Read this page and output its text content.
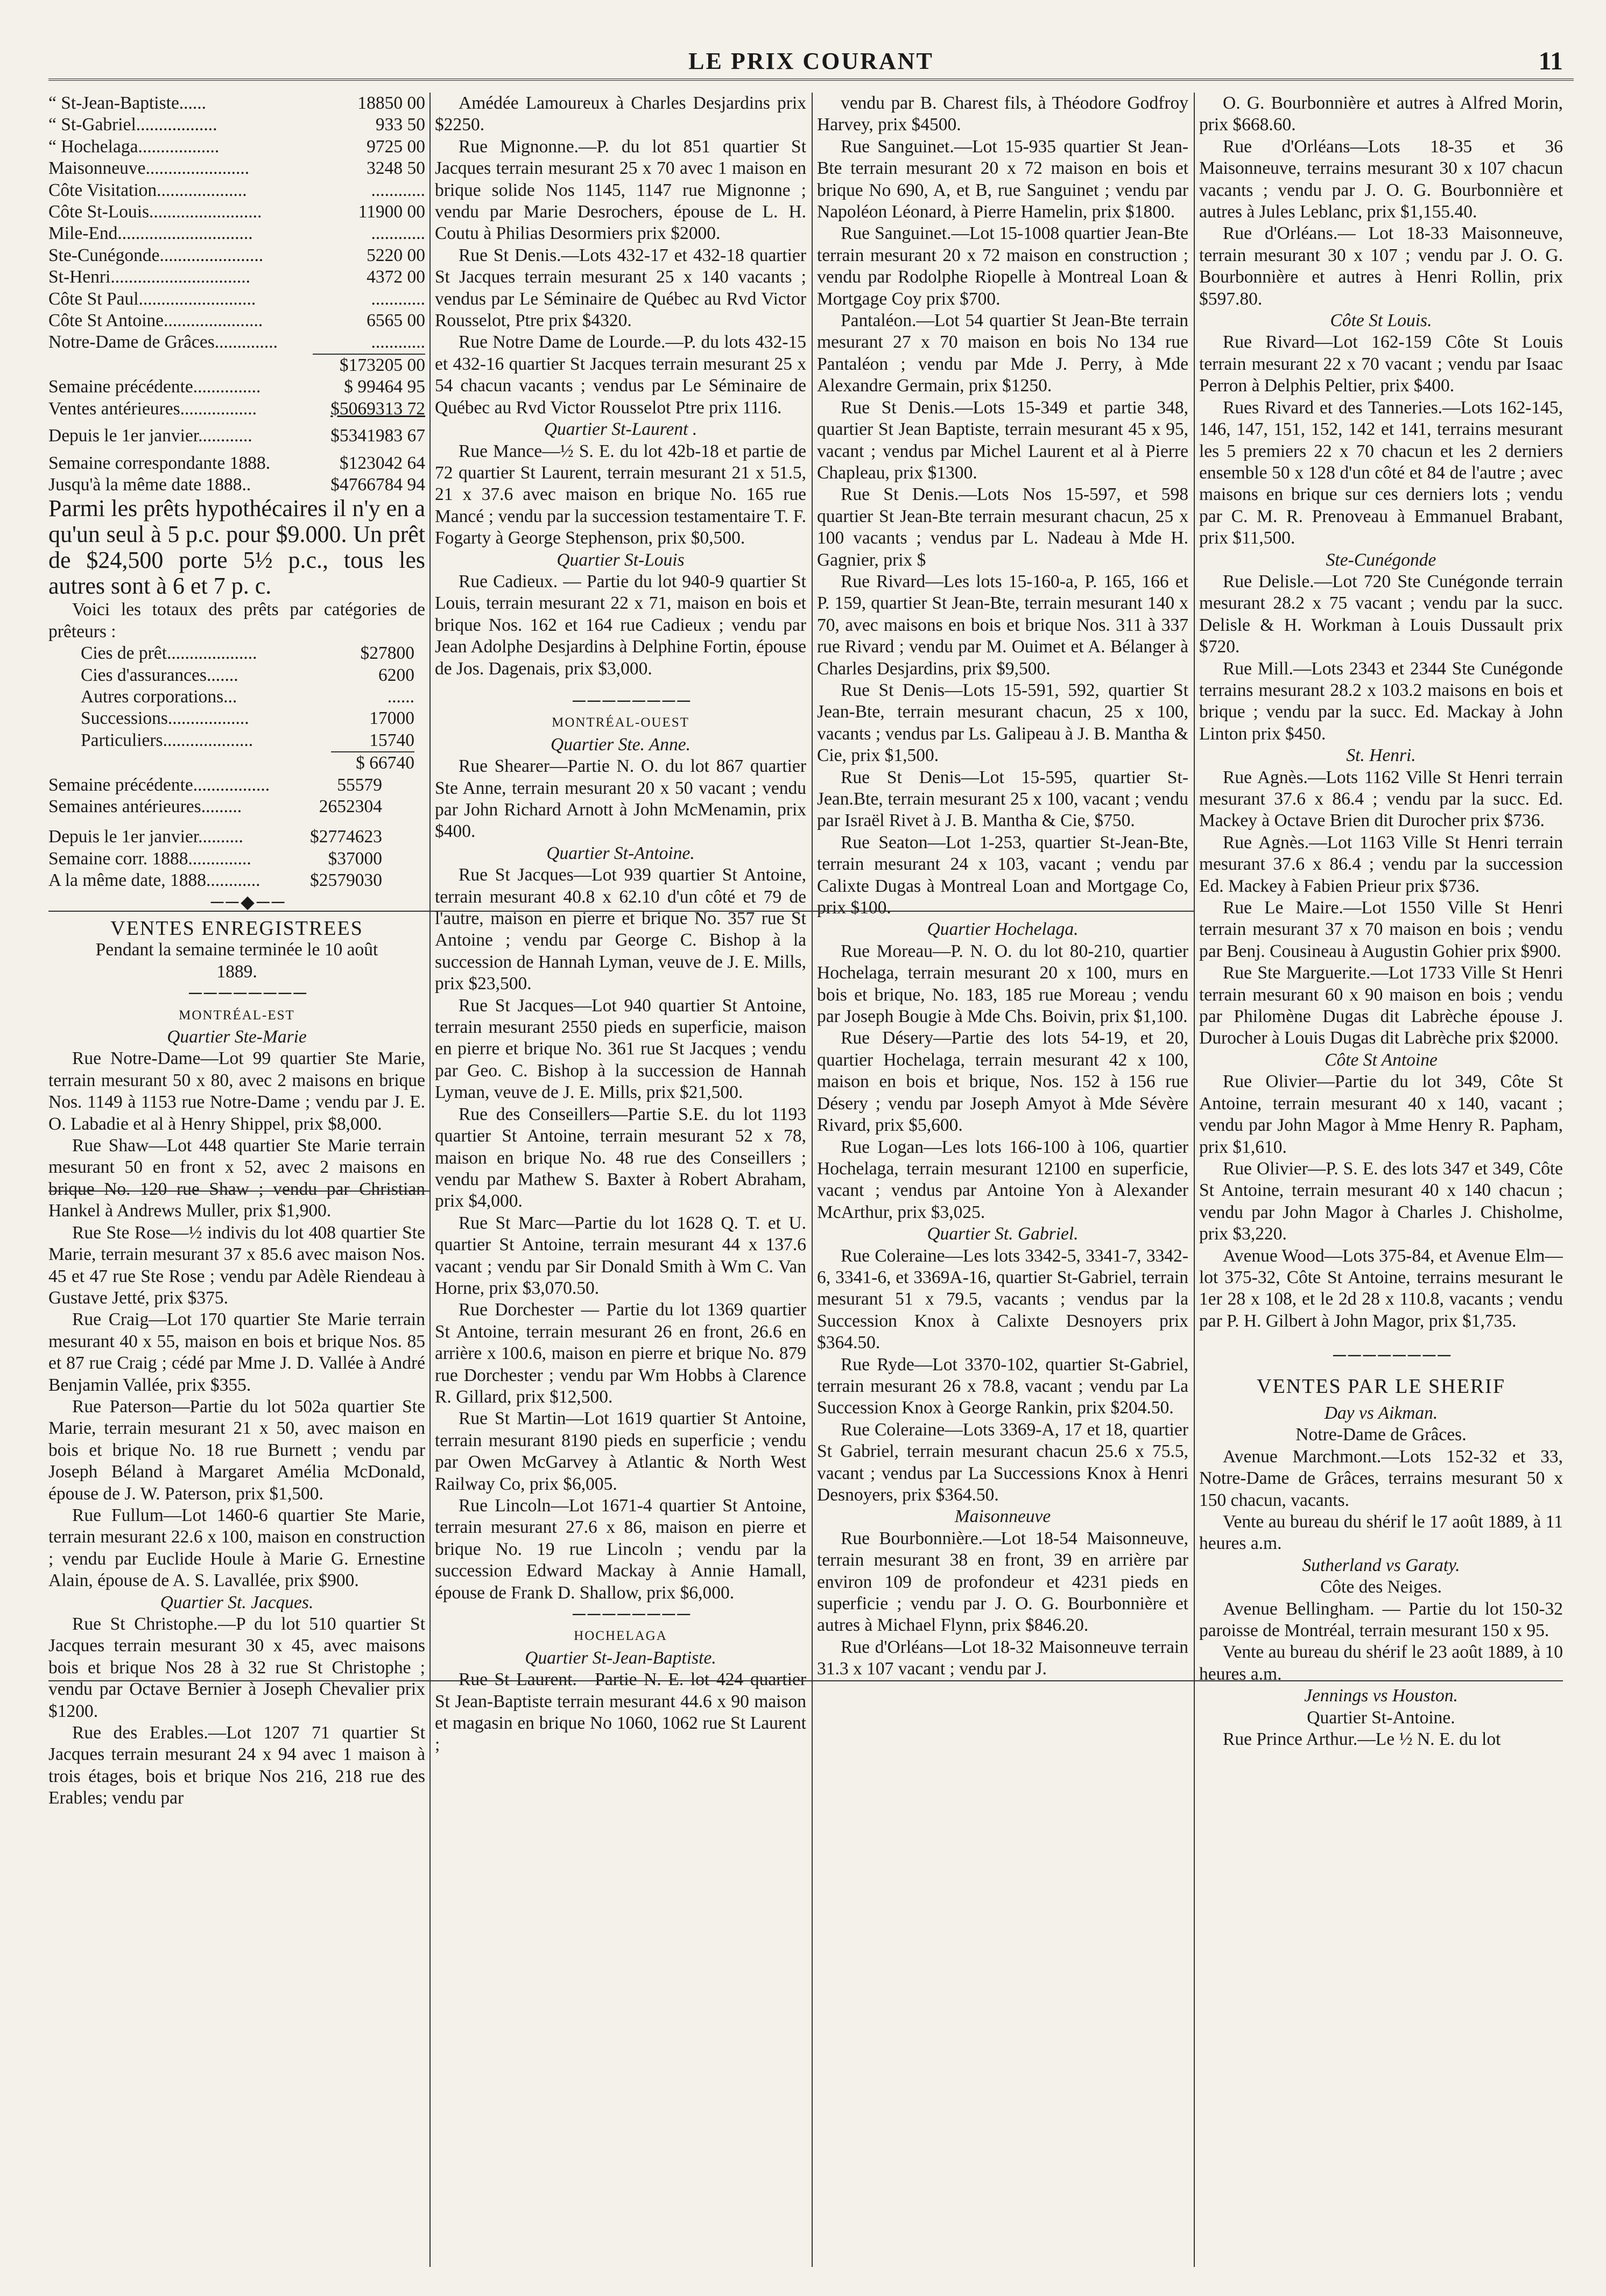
LE PRIX COURANT	11
“ St-Jean-Baptiste......	18850 00
“ St-Gabriel..................	933 50
“ Hochelaga..................	9725 00
Maisonneuve.......................	3248 50
Côte Visitation....................	............
Côte St-Louis.........................	11900 00
Mile-End..............................	............
Ste-Cunégonde.......................	5220 00
St-Henri...............................	4372 00
Côte St Paul..........................	............
Côte St Antoine......................	6565 00
Notre-Dame de Grâces..............	............
	$173205 00
Semaine précédente...............	$ 99464 95
Ventes antérieures.................	$5069313 72
Depuis le 1er janvier............	$5341983 67
Semaine correspondante 1888.	$123042 64
Jusqu'à la même date 1888..	$4766784 94

Parmi les prêts hypothécaires il n'y en a qu'un seul à 5 p.c. pour $9.000. Un prêt de $24,500 porte 5½ p.c., tous les autres sont à 6 et 7 p. c.

Voici les totaux des prêts par catégories de prêteurs :

Cies de prêt....................	$27800
Cies d'assurances.......	6200
Autres corporations...	......
Successions..................	17000
Particuliers....................	15740
	$ 66740
Semaine précédente.................	55579
Semaines antérieures.........	2652304
Depuis le 1er janvier..........	$2774623
Semaine corr. 1888..............	$37000
A la même date, 1888............	$2579030

──◆──

VENTES ENREGISTREES

Pendant la semaine terminée le 10 août 1889.

────────

MONTRÉAL-EST

Quartier Ste-Marie

Rue Notre-Dame—Lot 99 quartier Ste Marie, terrain mesurant 50 x 80, avec 2 maisons en brique Nos. 1149 à 1153 rue Notre-Dame ; vendu par J. E. O. Labadie et al à Henry Shippel, prix $8,000.

Rue Shaw—Lot 448 quartier Ste Marie terrain mesurant 50 en front x 52, avec 2 maisons en brique No. 120 rue Shaw ; vendu par Christian Hankel à Andrews Muller, prix $1,900.

Rue Ste Rose—½ indivis du lot 408 quartier Ste Marie, terrain mesurant 37 x 85.6 avec maison Nos. 45 et 47 rue Ste Rose ; vendu par Adèle Riendeau à Gustave Jetté, prix $375.

Rue Craig—Lot 170 quartier Ste Marie terrain mesurant 40 x 55, maison en bois et brique Nos. 85 et 87 rue Craig ; cédé par Mme J. D. Vallée à André Benjamin Vallée, prix $355.

Rue Paterson—Partie du lot 502a quartier Ste Marie, terrain mesurant 21 x 50, avec maison en bois et brique No. 18 rue Burnett ; vendu par Joseph Béland à Margaret Amélia McDonald, épouse de J. W. Paterson, prix $1,500.

Rue Fullum—Lot 1460-6 quartier Ste Marie, terrain mesurant 22.6 x 100, maison en construction ; vendu par Euclide Houle à Marie G. Ernestine Alain, épouse de A. S. Lavallée, prix $900.

Quartier St. Jacques.

Rue St Christophe.—P du lot 510 quartier St Jacques terrain mesurant 30 x 45, avec maisons bois et brique Nos 28 à 32 rue St Christophe ; vendu par Octave Bernier à Joseph Chevalier prix $1200.

Rue des Erables.—Lot 1207 71 quartier St Jacques terrain mesurant 24 x 94 avec 1 maison à trois étages, bois et brique Nos 216, 218 rue des Erables; vendu par

Amédée Lamoureux à Charles Desjardins prix $2250.

Rue Mignonne.—P. du lot 851 quartier St Jacques terrain mesurant 25 x 70 avec 1 maison en brique solide Nos 1145, 1147 rue Mignonne ; vendu par Marie Desrochers, épouse de L. H. Coutu à Philias Desormiers prix $2000.

Rue St Denis.—Lots 432-17 et 432-18 quartier St Jacques terrain mesurant 25 x 140 vacants ; vendus par Le Séminaire de Québec au Rvd Victor Rousselot, Ptre prix $4320.

Rue Notre Dame de Lourde.—P. du lots 432-15 et 432-16 quartier St Jacques terrain mesurant 25 x 54 chacun vacants ; vendus par Le Séminaire de Québec au Rvd Victor Rousselot Ptre prix 1116.

Quartier St-Laurent .

Rue Mance—½ S. E. du lot 42b-18 et partie de 72 quartier St Laurent, terrain mesurant 21 x 51.5, 21 x 37.6 avec maison en brique No. 165 rue Mancé ; vendu par la succession testamentaire T. F. Fogarty à George Stephenson, prix $0,500.

Quartier St-Louis

Rue Cadieux. — Partie du lot 940-9 quartier St Louis, terrain mesurant 22 x 71, maison en bois et brique Nos. 162 et 164 rue Cadieux ; vendu par Jean Adolphe Desjardins à Delphine Fortin, épouse de Jos. Dagenais, prix $3,000.

────────

MONTRÉAL-OUEST

Quartier Ste. Anne.

Rue Shearer—Partie N. O. du lot 867 quartier Ste Anne, terrain mesurant 20 x 50 vacant ; vendu par John Richard Arnott à John McMenamin, prix $400.

Quartier St-Antoine.

Rue St Jacques—Lot 939 quartier St Antoine, terrain mesurant 40.8 x 62.10 d'un côté et 79 de l'autre, maison en pierre et brique No. 357 rue St Antoine ; vendu par George C. Bishop à la succession de Hannah Lyman, veuve de J. E. Mills, prix $23,500.

Rue St Jacques—Lot 940 quartier St Antoine, terrain mesurant 2550 pieds en superficie, maison en pierre et brique No. 361 rue St Jacques ; vendu par Geo. C. Bishop à la succession de Hannah Lyman, veuve de J. E. Mills, prix $21,500.

Rue des Conseillers—Partie S.E. du lot 1193 quartier St Antoine, terrain mesurant 52 x 78, maison en brique No. 48 rue des Conseillers ; vendu par Mathew S. Baxter à Robert Abraham, prix $4,000.

Rue St Marc—Partie du lot 1628 Q. T. et U. quartier St Antoine, terrain mesurant 44 x 137.6 vacant ; vendu par Sir Donald Smith à Wm C. Van Horne, prix $3,070.50.

Rue Dorchester — Partie du lot 1369 quartier St Antoine, terrain mesurant 26 en front, 26.6 en arrière x 100.6, maison en pierre et brique No. 879 rue Dorchester ; vendu par Wm Hobbs à Clarence R. Gillard, prix $12,500.

Rue St Martin—Lot 1619 quartier St Antoine, terrain mesurant 8190 pieds en superficie ; vendu par Owen McGarvey à Atlantic & North West Railway Co, prix $6,005.

Rue Lincoln—Lot 1671-4 quartier St Antoine, terrain mesurant 27.6 x 86, maison en pierre et brique No. 19 rue Lincoln ; vendu par la succession Edward Mackay à Annie Hamall, épouse de Frank D. Shallow, prix $6,000.

────────

HOCHELAGA

Quartier St-Jean-Baptiste.

Rue St Laurent.—Partie N. E. lot 424 quartier St Jean-Baptiste terrain mesurant 44.6 x 90 maison et magasin en brique No 1060, 1062 rue St Laurent ;

vendu par B. Charest fils, à Théodore Godfroy Harvey, prix $4500.

Rue Sanguinet.—Lot 15-935 quartier St Jean-Bte terrain mesurant 20 x 72 maison en bois et brique No 690, A, et B, rue Sanguinet ; vendu par Napoléon Léonard, à Pierre Hamelin, prix $1800.

Rue Sanguinet.—Lot 15-1008 quartier Jean-Bte terrain mesurant 20 x 72 maison en construction ; vendu par Rodolphe Riopelle à Montreal Loan & Mortgage Coy prix $700.

Pantaléon.—Lot 54 quartier St Jean-Bte terrain mesurant 27 x 70 maison en bois No 134 rue Pantaléon ; vendu par Mde J. Perry, à Mde Alexandre Germain, prix $1250.

Rue St Denis.—Lots 15-349 et partie 348, quartier St Jean Baptiste, terrain mesurant 45 x 95, vacant ; vendus par Michel Laurent et al à Pierre Chapleau, prix $1300.

Rue St Denis.—Lots Nos 15-597, et 598 quartier St Jean-Bte terrain mesurant chacun, 25 x 100 vacants ; vendus par L. Nadeau à Mde H. Gagnier, prix $

Rue Rivard—Les lots 15-160-a, P. 165, 166 et P. 159, quartier St Jean-Bte, terrain mesurant 140 x 70, avec maisons en bois et brique Nos. 311 à 337 rue Rivard ; vendu par M. Ouimet et A. Bélanger à Charles Desjardins, prix $9,500.

Rue St Denis—Lots 15-591, 592, quartier St Jean-Bte, terrain mesurant chacun, 25 x 100, vacants ; vendus par Ls. Galipeau à J. B. Mantha & Cie, prix $1,500.

Rue St Denis—Lot 15-595, quartier St-Jean.Bte, terrain mesurant 25 x 100, vacant ; vendu par Israël Rivet à J. B. Mantha & Cie, $750.

Rue Seaton—Lot 1-253, quartier St-Jean-Bte, terrain mesurant 24 x 103, vacant ; vendu par Calixte Dugas à Montreal Loan and Mortgage Co, prix $100.

Quartier Hochelaga.

Rue Moreau—P. N. O. du lot 80-210, quartier Hochelaga, terrain mesurant 20 x 100, murs en bois et brique, No. 183, 185 rue Moreau ; vendu par Joseph Bougie à Mde Chs. Boivin, prix $1,100.

Rue Désery—Partie des lots 54-19, et 20, quartier Hochelaga, terrain mesurant 42 x 100, maison en bois et brique, Nos. 152 à 156 rue Désery ; vendu par Joseph Amyot à Mde Sévère Rivard, prix $5,600.

Rue Logan—Les lots 166-100 à 106, quartier Hochelaga, terrain mesurant 12100 en superficie, vacant ; vendus par Antoine Yon à Alexander McArthur, prix $3,025.

Quartier St. Gabriel.

Rue Coleraine—Les lots 3342-5, 3341-7, 3342-6, 3341-6, et 3369A-16, quartier St-Gabriel, terrain mesurant 51 x 79.5, vacants ; vendus par la Succession Knox à Calixte Desnoyers prix $364.50.

Rue Ryde—Lot 3370-102, quartier St-Gabriel, terrain mesurant 26 x 78.8, vacant ; vendu par La Succession Knox à George Rankin, prix $204.50.

Rue Coleraine—Lots 3369-A, 17 et 18, quartier St Gabriel, terrain mesurant chacun 25.6 x 75.5, vacant ; vendus par La Successions Knox à Henri Desnoyers, prix $364.50.

Maisonneuve

Rue Bourbonnière.—Lot 18-54 Maisonneuve, terrain mesurant 38 en front, 39 en arrière par environ 109 de profondeur et 4231 pieds en superficie ; vendu par J. O. G. Bourbonnière et autres à Michael Flynn, prix $846.20.

Rue d'Orléans—Lot 18-32 Maisonneuve terrain 31.3 x 107 vacant ; vendu par J.

O. G. Bourbonnière et autres à Alfred Morin, prix $668.60.

Rue d'Orléans—Lots 18-35 et 36 Maisonneuve, terrains mesurant 30 x 107 chacun vacants ; vendu par J. O. G. Bourbonnière et autres à Jules Leblanc, prix $1,155.40.

Rue d'Orléans.— Lot 18-33 Maisonneuve, terrain mesurant 30 x 107 ; vendu par J. O. G. Bourbonnière et autres à Henri Rollin, prix $597.80.

Côte St Louis.

Rue Rivard—Lot 162-159 Côte St Louis terrain mesurant 22 x 70 vacant ; vendu par Isaac Perron à Delphis Peltier, prix $400.

Rues Rivard et des Tanneries.—Lots 162-145, 146, 147, 151, 152, 142 et 141, terrains mesurant les 5 premiers 22 x 70 chacun et les 2 derniers ensemble 50 x 128 d'un côté et 84 de l'autre ; avec maisons en brique sur ces derniers lots ; vendu par C. M. R. Prenoveau à Emmanuel Brabant, prix $11,500.

Ste-Cunégonde

Rue Delisle.—Lot 720 Ste Cunégonde terrain mesurant 28.2 x 75 vacant ; vendu par la succ. Delisle & H. Workman à Louis Dussault prix $720.

Rue Mill.—Lots 2343 et 2344 Ste Cunégonde terrains mesurant 28.2 x 103.2 maisons en bois et brique ; vendu par la succ. Ed. Mackay à John Linton prix $450.

St. Henri.

Rue Agnès.—Lots 1162 Ville St Henri terrain mesurant 37.6 x 86.4 ; vendu par la succ. Ed. Mackey à Octave Brien dit Durocher prix $736.

Rue Agnès.—Lot 1163 Ville St Henri terrain mesurant 37.6 x 86.4 ; vendu par la succession Ed. Mackey à Fabien Prieur prix $736.

Rue Le Maire.—Lot 1550 Ville St Henri terrain mesurant 37 x 70 maison en bois ; vendu par Benj. Cousineau à Augustin Gohier prix $900.

Rue Ste Marguerite.—Lot 1733 Ville St Henri terrain mesurant 60 x 90 maison en bois ; vendu par Philomène Dugas dit Labrèche épouse J. Durocher à Louis Dugas dit Labrèche prix $2000.

Côte St Antoine

Rue Olivier—Partie du lot 349, Côte St Antoine, terrain mesurant 40 x 140, vacant ; vendu par John Magor à Mme Henry R. Papham, prix $1,610.

Rue Olivier—P. S. E. des lots 347 et 349, Côte St Antoine, terrain mesurant 40 x 140 chacun ; vendu par John Magor à Charles J. Chisholme, prix $3,220.

Avenue Wood—Lots 375-84, et Avenue Elm—lot 375-32, Côte St Antoine, terrains mesurant le 1er 28 x 108, et le 2d 28 x 110.8, vacants ; vendu par P. H. Gilbert à John Magor, prix $1,735.

────────

VENTES PAR LE SHERIF

Day vs Aikman.

Notre-Dame de Grâces.

Avenue Marchmont.—Lots 152-32 et 33, Notre-Dame de Grâces, terrains mesurant 50 x 150 chacun, vacants.

Vente au bureau du shérif le 17 août 1889, à 11 heures a.m.

Sutherland vs Garaty.

Côte des Neiges.

Avenue Bellingham. — Partie du lot 150-32 paroisse de Montréal, terrain mesurant 150 x 95.

Vente au bureau du shérif le 23 août 1889, à 10 heures a.m.

Jennings vs Houston.

Quartier St-Antoine.

Rue Prince Arthur.—Le ½ N. E. du lot
